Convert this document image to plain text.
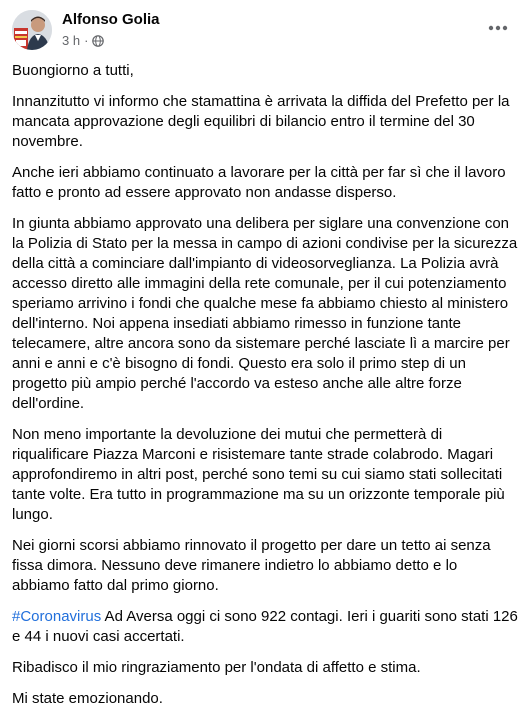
Alfonso Golia
3 h ·

Buongiorno a tutti,

Innanzitutto vi informo che stamattina è arrivata la diffida del Prefetto per la mancata approvazione degli equilibri di bilancio entro il termine del 30 novembre.

Anche ieri abbiamo continuato a lavorare per la città per far sì che il lavoro fatto e pronto ad essere approvato non andasse disperso.

In giunta abbiamo approvato una delibera per siglare una convenzione con la Polizia di Stato per la messa in campo di azioni condivise per la sicurezza della città a cominciare dall'impianto di videosorveglianza. La Polizia avrà accesso diretto alle immagini della rete comunale, per il cui potenziamento speriamo arrivino i fondi che qualche mese fa abbiamo chiesto al ministero dell'interno. Noi appena insediati abbiamo rimesso in funzione tante telecamere, altre ancora sono da sistemare perché lasciate lì a marcire per anni e anni e c'è bisogno di fondi. Questo era solo il primo step di un progetto più ampio perché l'accordo va esteso anche alle altre forze dell'ordine.

Non meno importante la devoluzione dei mutui che permetterà di riqualificare Piazza Marconi e risistemare tante strade colabrodo. Magari approfondiremo in altri post, perché sono temi su cui siamo stati sollecitati tante volte. Era tutto in programmazione ma su un orizzonte temporale più lungo.

Nei giorni scorsi abbiamo rinnovato il progetto per dare un tetto ai senza fissa dimora. Nessuno deve rimanere indietro lo abbiamo detto e lo abbiamo fatto dal primo giorno.

#Coronavirus Ad Aversa oggi ci sono 922 contagi. Ieri i guariti sono stati 126 e 44 i nuovi casi accertati.

Ribadisco il mio ringraziamento per l'ondata di affetto e stima.

Mi state emozionando.
